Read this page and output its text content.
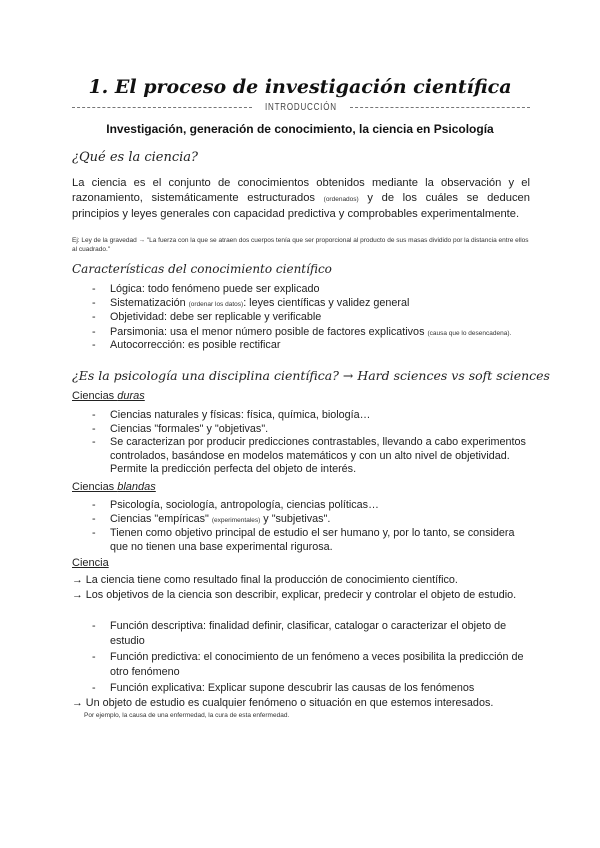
1. El proceso de investigación científica
INTRODUCCIÓN
Investigación, generación de conocimiento, la ciencia en Psicología
¿Qué es la ciencia?
La ciencia es el conjunto de conocimientos obtenidos mediante la observación y el razonamiento, sistemáticamente estructurados (ordenados) y de los cuáles se deducen principios y leyes generales con capacidad predictiva y comprobables experimentalmente.
Ej: Ley de la gravedad → "La fuerza con la que se atraen dos cuerpos tenía que ser proporcional al producto de sus masas dividido por la distancia entre ellos al cuadrado."
Características del conocimiento científico
- Lógica: todo fenómeno puede ser explicado
- Sistematización (ordenar los datos): leyes científicas y validez general
- Objetividad: debe ser replicable y verificable
- Parsimonia: usa el menor número posible de factores explicativos (causa que lo desencadena).
- Autocorrección: es posible rectificar
¿Es la psicología una disciplina científica? → Hard sciences vs soft sciences
Ciencias duras
- Ciencias naturales y físicas: física, química, biología…
- Ciencias "formales" y "objetivas".
- Se caracterizan por producir predicciones contrastables, llevando a cabo experimentos controlados, basándose en modelos matemáticos y con un alto nivel de objetividad. Permite la predicción perfecta del objeto de interés.
Ciencias blandas
- Psicología, sociología, antropología, ciencias políticas…
- Ciencias "empíricas" (experimentales) y "subjetivas".
- Tienen como objetivo principal de estudio el ser humano y, por lo tanto, se considera que no tienen una base experimental rigurosa.
Ciencia
→ La ciencia tiene como resultado final la producción de conocimiento científico.
→ Los objetivos de la ciencia son describir, explicar, predecir y controlar el objeto de estudio.
- Función descriptiva: finalidad definir, clasificar, catalogar o caracterizar el objeto de estudio
- Función predictiva: el conocimiento de un fenómeno a veces posibilita la predicción de otro fenómeno
- Función explicativa: Explicar supone descubrir las causas de los fenómenos
→ Un objeto de estudio es cualquier fenómeno o situación en que estemos interesados.
Por ejemplo, la causa de una enfermedad, la cura de esta enfermedad.
